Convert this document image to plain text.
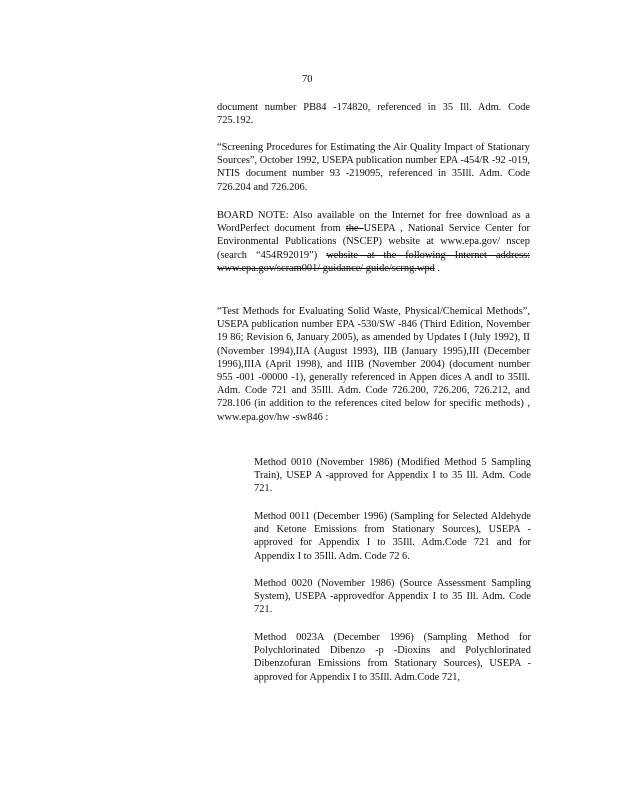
70

document number PB84 -174820, referenced in 35 Ill. Adm. Code 725.192.

“Screening Procedures for Estimating the Air Quality Impact of Stationary Sources”, October 1992, USEPA publication number EPA -454/R -92 -019, NTIS document number 93 -219095, referenced in 35Ill. Adm. Code 726.204 and 726.206.

BOARD NOTE: Also available on the Internet for free download as a WordPerfect document from the USEPA , National Service Center for Environmental Publications (NSCEP) website at www.epa.gov/ nscep (search “454R92019”) website at the following Internet address: www.epa.gov/scram001/ guidance/ guide/scrng.wpd .

“Test Methods for Evaluating Solid Waste, Physical/Chemical Methods”, USEPA publication number EPA -530/SW -846 (Third Edition, November 19 86; Revision 6, January 2005), as amended by Updates I (July 1992), II (November 1994),IIA (August 1993), IIB (January 1995),III (December 1996),IIIA (April 1998), and IIIB (November 2004) (document number 955 -001 -00000 -1), generally referenced in Appen dices A andI to 35Ill. Adm. Code 721 and 35Ill. Adm. Code 726.200, 726.206, 726.212, and 728.106 (in addition to the references cited below for specific methods) , www.epa.gov/hw -sw846 :

Method 0010 (November 1986) (Modified Method 5 Sampling Train), USEP A -approved for Appendix I to 35 Ill. Adm. Code 721.

Method 0011 (December 1996) (Sampling for Selected Aldehyde and Ketone Emissions from Stationary Sources), USEPA -approved for Appendix I to 35Ill. Adm.Code 721 and for Appendix I to 35Ill. Adm. Code 72 6.

Method 0020 (November 1986) (Source Assessment Sampling System), USEPA -approvedfor Appendix I to 35 Ill. Adm. Code 721.

Method 0023A (December 1996) (Sampling Method for Polychlorinated Dibenzo -p -Dioxins and Polychlorinated Dibenzofuran Emissions from Stationary Sources), USEPA -approved for Appendix I to 35Ill. Adm.Code 721,
